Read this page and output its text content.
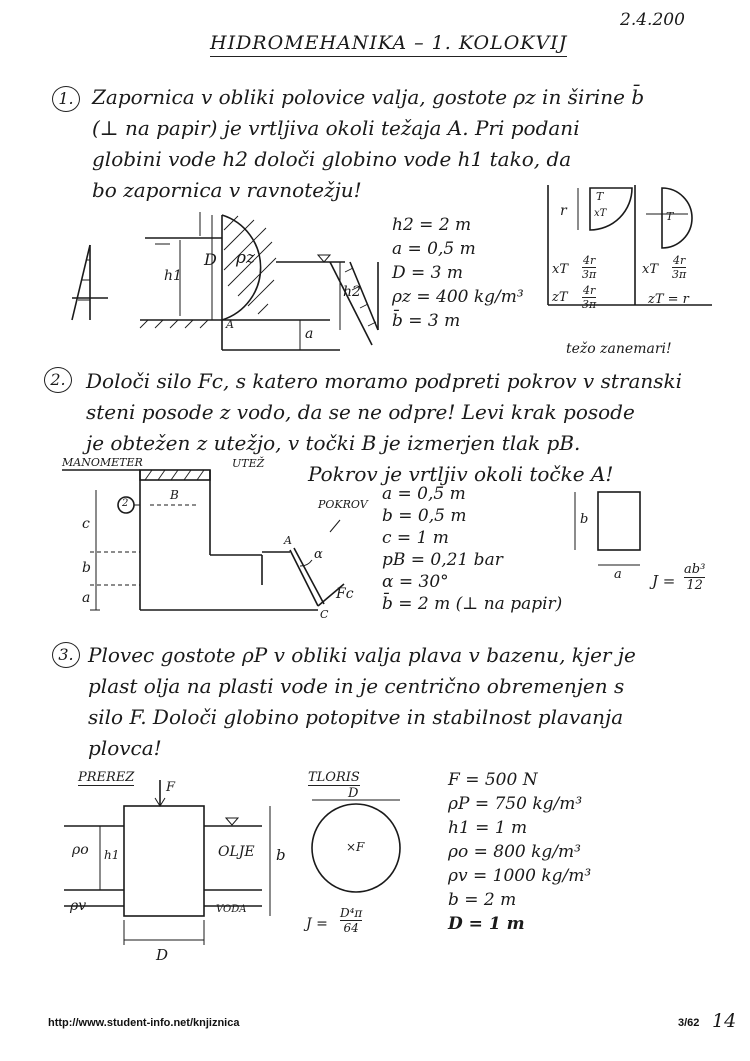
2.4.200
HIDROMEHANIKA – 1. KOLOKVIJ
1. Zapornica v obliki polovice valja, gostote ρz in širine b̄
(⊥ na papir) je vrtljiva okoli težaja A. Pri podani
globini vode h2 določi globino vode h1 tako, da
bo zapornica v ravnotežju!
D ρz
h1
h2
a
A
h2 = 2 m
a = 0,5 m
D = 3 m
ρz = 400 kg/m³
b̄ = 3 m
r
T
xT	T
xT $\frac{4r}{3\pi}$
zT $\frac{4r}{3\pi}$
xT $\frac{4r}{3\pi}$
zT = r
težo zanemari!
2.	Določi silo Fc, s katero moramo podpreti pokrov v stranski
steni posode z vodo, da se ne odpre! Levi krak posode
je obtežen z utežjo, v točki B je izmerjen tlak pB.
Pokrov je vrtljiv okoli točke A!
MANOMETER	UTEŽ
POKROV
2
B
A
α
Fc
C
c
b
a
a = 0,5 m
b = 0,5 m
c = 1 m
pB = 0,21 bar
α = 30°
b̄ = 2 m (⊥ na papir)
b
a $J = \frac{\text{ab³}}{12}$
3. Plovec gostote ρP v obliki valja plava v bazenu, kjer je
plast olja na plasti vode in je centrično obremenjen s
silo F. Določi globino potopitve in stabilnost plavanja
plovca!
PREREZ	TLORIS
F
ρo h1
ρv
OLJE
VODA
b
D
D
×F
$J = \frac{\text{D⁴π}}{64}$
F = 500 N
ρP = 750 kg/m³
h1 = 1 m
ρo = 800 kg/m³
ρv = 1000 kg/m³
b = 2 m
D = 1 m
http://www.student-info.net/knjiznica	3/62 14
